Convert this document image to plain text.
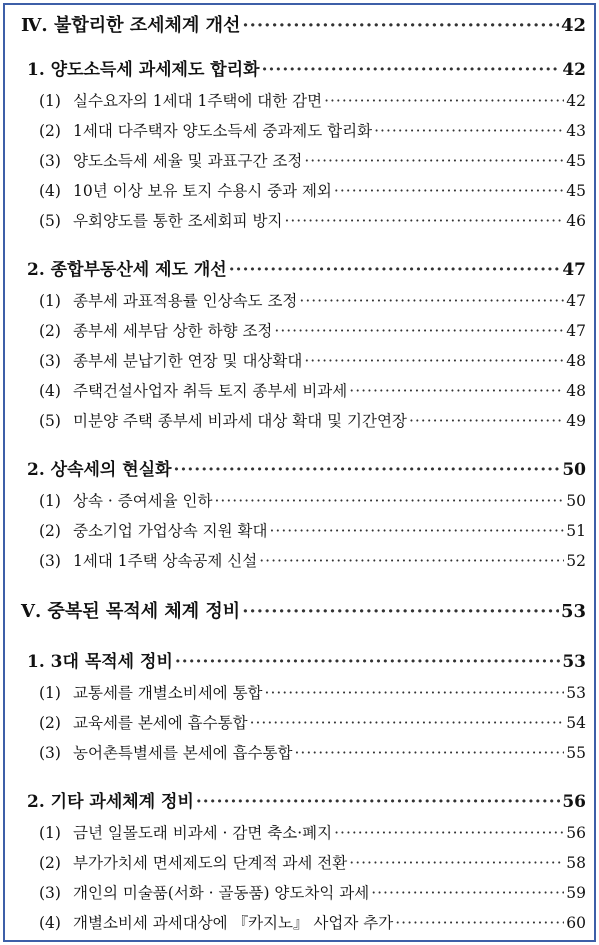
Ⅳ. 불합리한 조세체계 개선 ·····	42
1. 양도소득세 과세제도 합리화 ·····	42
(1) 실수요자의 1세대 1주택에 대한 감면 ·····	42
(2) 1세대 다주택자 양도소득세 중과제도 합리화 ·····	43
(3) 양도소득세 세율 및 과표구간 조정 ·····	45
(4) 10년 이상 보유 토지 수용시 중과 제외 ·····	45
(5) 우회양도를 통한 조세회피 방지 ·····	46
2. 종합부동산세 제도 개선 ·····	47
(1) 종부세 과표적용률 인상속도 조정 ·····	47
(2) 종부세 세부담 상한 하향 조정 ·····	47
(3) 종부세 분납기한 연장 및 대상확대 ·····	48
(4) 주택건설사업자 취득 토지 종부세 비과세 ·····	48
(5) 미분양 주택 종부세 비과세 대상 확대 및 기간연장 ·····	49
2. 상속세의 현실화 ·····	50
(1) 상속 · 증여세율 인하 ·····	50
(2) 중소기업 가업상속 지원 확대 ·····	51
(3) 1세대 1주택 상속공제 신설 ·····	52
Ⅴ. 중복된 목적세 체계 정비 ·····	53
1. 3대 목적세 정비 ·····	53
(1) 교통세를 개별소비세에 통합 ·····	53
(2) 교육세를 본세에 흡수통합 ·····	54
(3) 농어촌특별세를 본세에 흡수통합 ·····	55
2. 기타 과세체계 정비 ·····	56
(1) 금년 일몰도래 비과세 · 감면 축소·폐지 ·····	56
(2) 부가가치세 면세제도의 단계적 과세 전환 ·····	58
(3) 개인의 미술품(서화 · 골동품) 양도차익 과세 ·····	59
(4) 개별소비세 과세대상에 『카지노』 사업자 추가 ·····	60
